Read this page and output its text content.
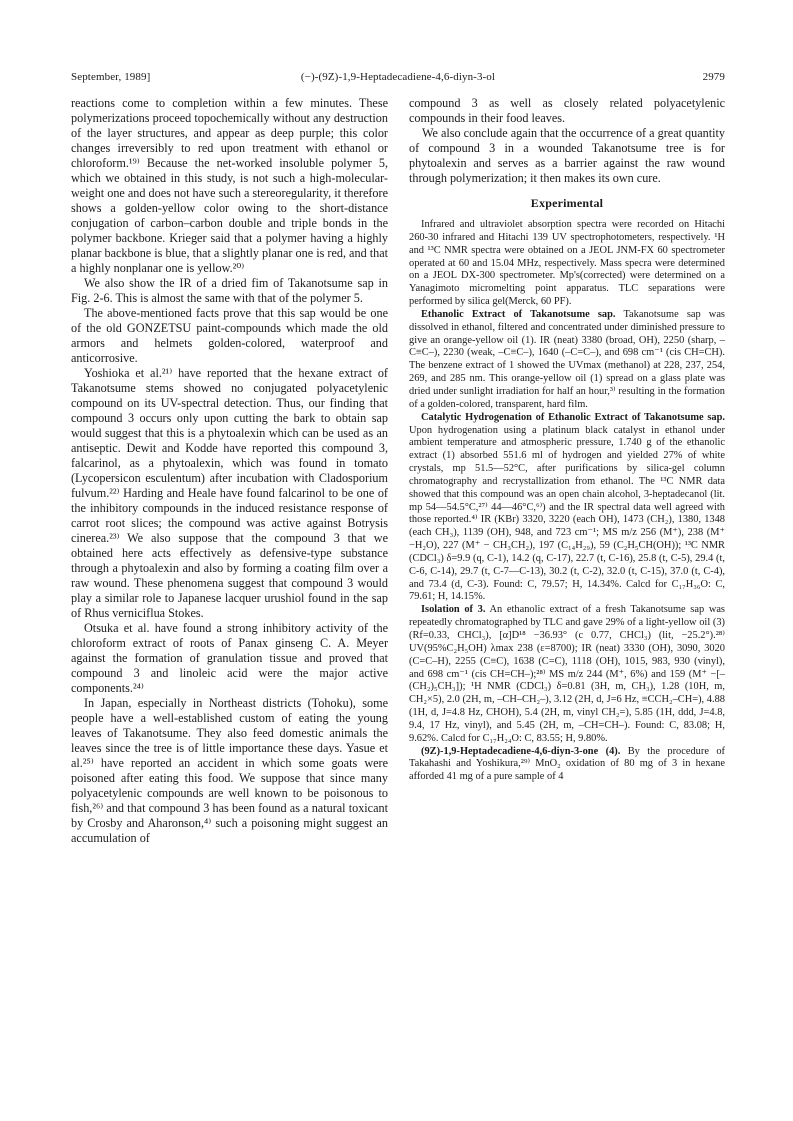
September, 1989]	(−)-(9Z)-1,9-Heptadecadiene-4,6-diyn-3-ol	2979

reactions come to completion within a few minutes. These polymerizations proceed topochemically without any destruction of the layer structures, and appear as deep purple; this color changes irreversibly to red upon treatment with ethanol or chloroform.¹⁹⁾ Because the net-worked insoluble polymer 5, which we obtained in this study, is not such a high-molecular-weight one and does not have such a stereoregularity, it therefore shows a golden-yellow color owing to the short-distance conjugation of carbon–carbon double and triple bonds in the polymer backbone. Krieger said that a polymer having a highly planar backbone is blue, that a slightly planar one is red, and that a highly nonplanar one is yellow.²⁰⁾

We also show the IR of a dried fim of Takanotsume sap in Fig. 2-6. This is almost the same with that of the polymer 5.

The above-mentioned facts prove that this sap would be one of the old GONZETSU paint-compounds which made the old armors and helmets golden-colored, waterproof and anticorrosive.

Yoshioka et al.²¹⁾ have reported that the hexane extract of Takanotsume stems showed no conjugated polyacetylenic compound on its UV-spectral detection. Thus, our finding that compound 3 occurs only upon cutting the bark to obtain sap would suggest that this is a phytoalexin which can be used as an antiseptic. Dewit and Kodde have reported this compound 3, falcarinol, as a phytoalexin, which was found in tomato (Lycopersicon esculentum) after incubation with Cladosporium fulvum.²²⁾ Harding and Heale have found falcarinol to be one of the inhibitory compounds in the induced resistance response of carrot root slices; the compound was active against Botrysis cinerea.²³⁾ We also suppose that the compound 3 that we obtained here acts effectively as defensive-type substance through a phytoalexin and also by forming a coating film over a raw wound. These phenomena suggest that compound 3 would play a similar role to Japanese lacquer urushiol found in the sap of Rhus verniciflua Stokes.

Otsuka et al. have found a strong inhibitory activity of the chloroform extract of roots of Panax ginseng C. A. Meyer against the formation of granulation tissue and proved that compound 3 and linoleic acid were the major active components.²⁴⁾

In Japan, especially in Northeast districts (Tohoku), some people have a well-established custom of eating the young leaves of Takanotsume. They also feed domestic animals the leaves since the tree is of little importance these days. Yasue et al.²⁵⁾ have reported an accident in which some goats were poisoned after eating this food. We suppose that since many polyacetylenic compounds are well known to be poisonous to fish,²⁶⁾ and that compound 3 has been found as a natural toxicant by Crosby and Aharonson,⁴⁾ such a poisoning might suggest an accumulation of

compound 3 as well as closely related polyacetylenic compounds in their food leaves.

We also conclude again that the occurrence of a great quantity of compound 3 in a wounded Takanotsume tree is for phytoalexin and serves as a barrier against the raw wound through polymerization; it then makes its own cure.

Experimental

Infrared and ultraviolet absorption spectra were recorded on Hitachi 260-30 infrared and Hitachi 139 UV spectrophotometers, respectively. ¹H and ¹³C NMR spectra were obtained on a JEOL JNM-FX 60 spectrometer operated at 60 and 15.04 MHz, respectively. Mass specra were determined on a JEOL DX-300 spectrometer. Mp's(corrected) were determined on a Yanagimoto micromelting point apparatus. TLC separations were performed by silica gel(Merck, 60 PF).

Ethanolic Extract of Takanotsume sap. Takanotsume sap was dissolved in ethanol, filtered and concentrated under diminished pressure to give an orange-yellow oil (1). IR (neat) 3380 (broad, OH), 2250 (sharp, –C≡C–), 2230 (weak, –C≡C–), 1640 (–C=C–), and 698 cm⁻¹ (cis CH=CH). The benzene extract of 1 showed the UVmax (methanol) at 228, 237, 254, 269, and 285 nm. This orange-yellow oil (1) spread on a glass plate was dried under sunlight irradiation for half an hour,³⁾ resulting in the formation of a golden-colored, transparent, hard film.

Catalytic Hydrogenation of Ethanolic Extract of Takanotsume sap. Upon hydrogenation using a platinum black catalyst in ethanol under ambient temperature and atmospheric pressure, 1.740 g of the ethanolic extract (1) absorbed 551.6 ml of hydrogen and yielded 27% of white crystals, mp 51.5—52°C, after purifications by silica-gel column chromatography and recrystallization from ethanol. The ¹³C NMR data showed that this compound was an open chain alcohol, 3-heptadecanol (lit. mp 54—54.5°C,²⁷⁾ 44—46°C,⁶⁾) and the IR spectral data well agreed with those reported.⁴⁾ IR (KBr) 3320, 3220 (each OH), 1473 (CH₂), 1380, 1348 (each CH₃), 1139 (OH), 948, and 723 cm⁻¹; MS m/z 256 (M⁺), 238 (M⁺ −H₂O), 227 (M⁺ − CH₃CH₂), 197 (C₁₄H₂₉), 59 (C₂H₅CH(OH)); ¹³C NMR (CDCl₃) δ=9.9 (q, C-1), 14.2 (q, C-17), 22.7 (t, C-16), 25.8 (t, C-5), 29.4 (t, C-6, C-14), 29.7 (t, C-7—C-13), 30.2 (t, C-2), 32.0 (t, C-15), 37.0 (t, C-4), and 73.4 (d, C-3). Found: C, 79.57; H, 14.34%. Calcd for C₁₇H₃₆O: C, 79.61; H, 14.15%.

Isolation of 3. An ethanolic extract of a fresh Takanotsume sap was repeatedly chromatographed by TLC and gave 29% of a light-yellow oil (3) (Rf=0.33, CHCl₃), [α]D¹⁸ −36.93° (c 0.77, CHCl₃) (lit, −25.2°).²⁸⁾ UV(95%C₂H₅OH) λmax 238 (ε=8700); IR (neat) 3330 (OH), 3090, 3020 (C=C–H), 2255 (C≡C), 1638 (C=C), 1118 (OH), 1015, 983, 930 (vinyl), and 698 cm⁻¹ (cis CH=CH–);²⁸⁾ MS m/z 244 (M⁺, 6%) and 159 (M⁺ −[–(CH₂)₅CH₃]); ¹H NMR (CDCl₃) δ=0.81 (3H, m, CH₃), 1.28 (10H, m, CH₂×5), 2.0 (2H, m, –CH–CH₂–), 3.12 (2H, d, J=6 Hz, ≡CCH₂–CH=), 4.88 (1H, d, J=4.8 Hz, CHOH), 5.4 (2H, m, vinyl CH₂=), 5.85 (1H, ddd, J=4.8, 9.4, 17 Hz, vinyl), and 5.45 (2H, m, –CH=CH–). Found: C, 83.08; H, 9.62%. Calcd for C₁₇H₂₄O: C, 83.55; H, 9.80%.

(9Z)-1,9-Heptadecadiene-4,6-diyn-3-one (4). By the procedure of Takahashi and Yoshikura,²⁹⁾ MnO₂ oxidation of 80 mg of 3 in hexane afforded 41 mg of a pure sample of 4
